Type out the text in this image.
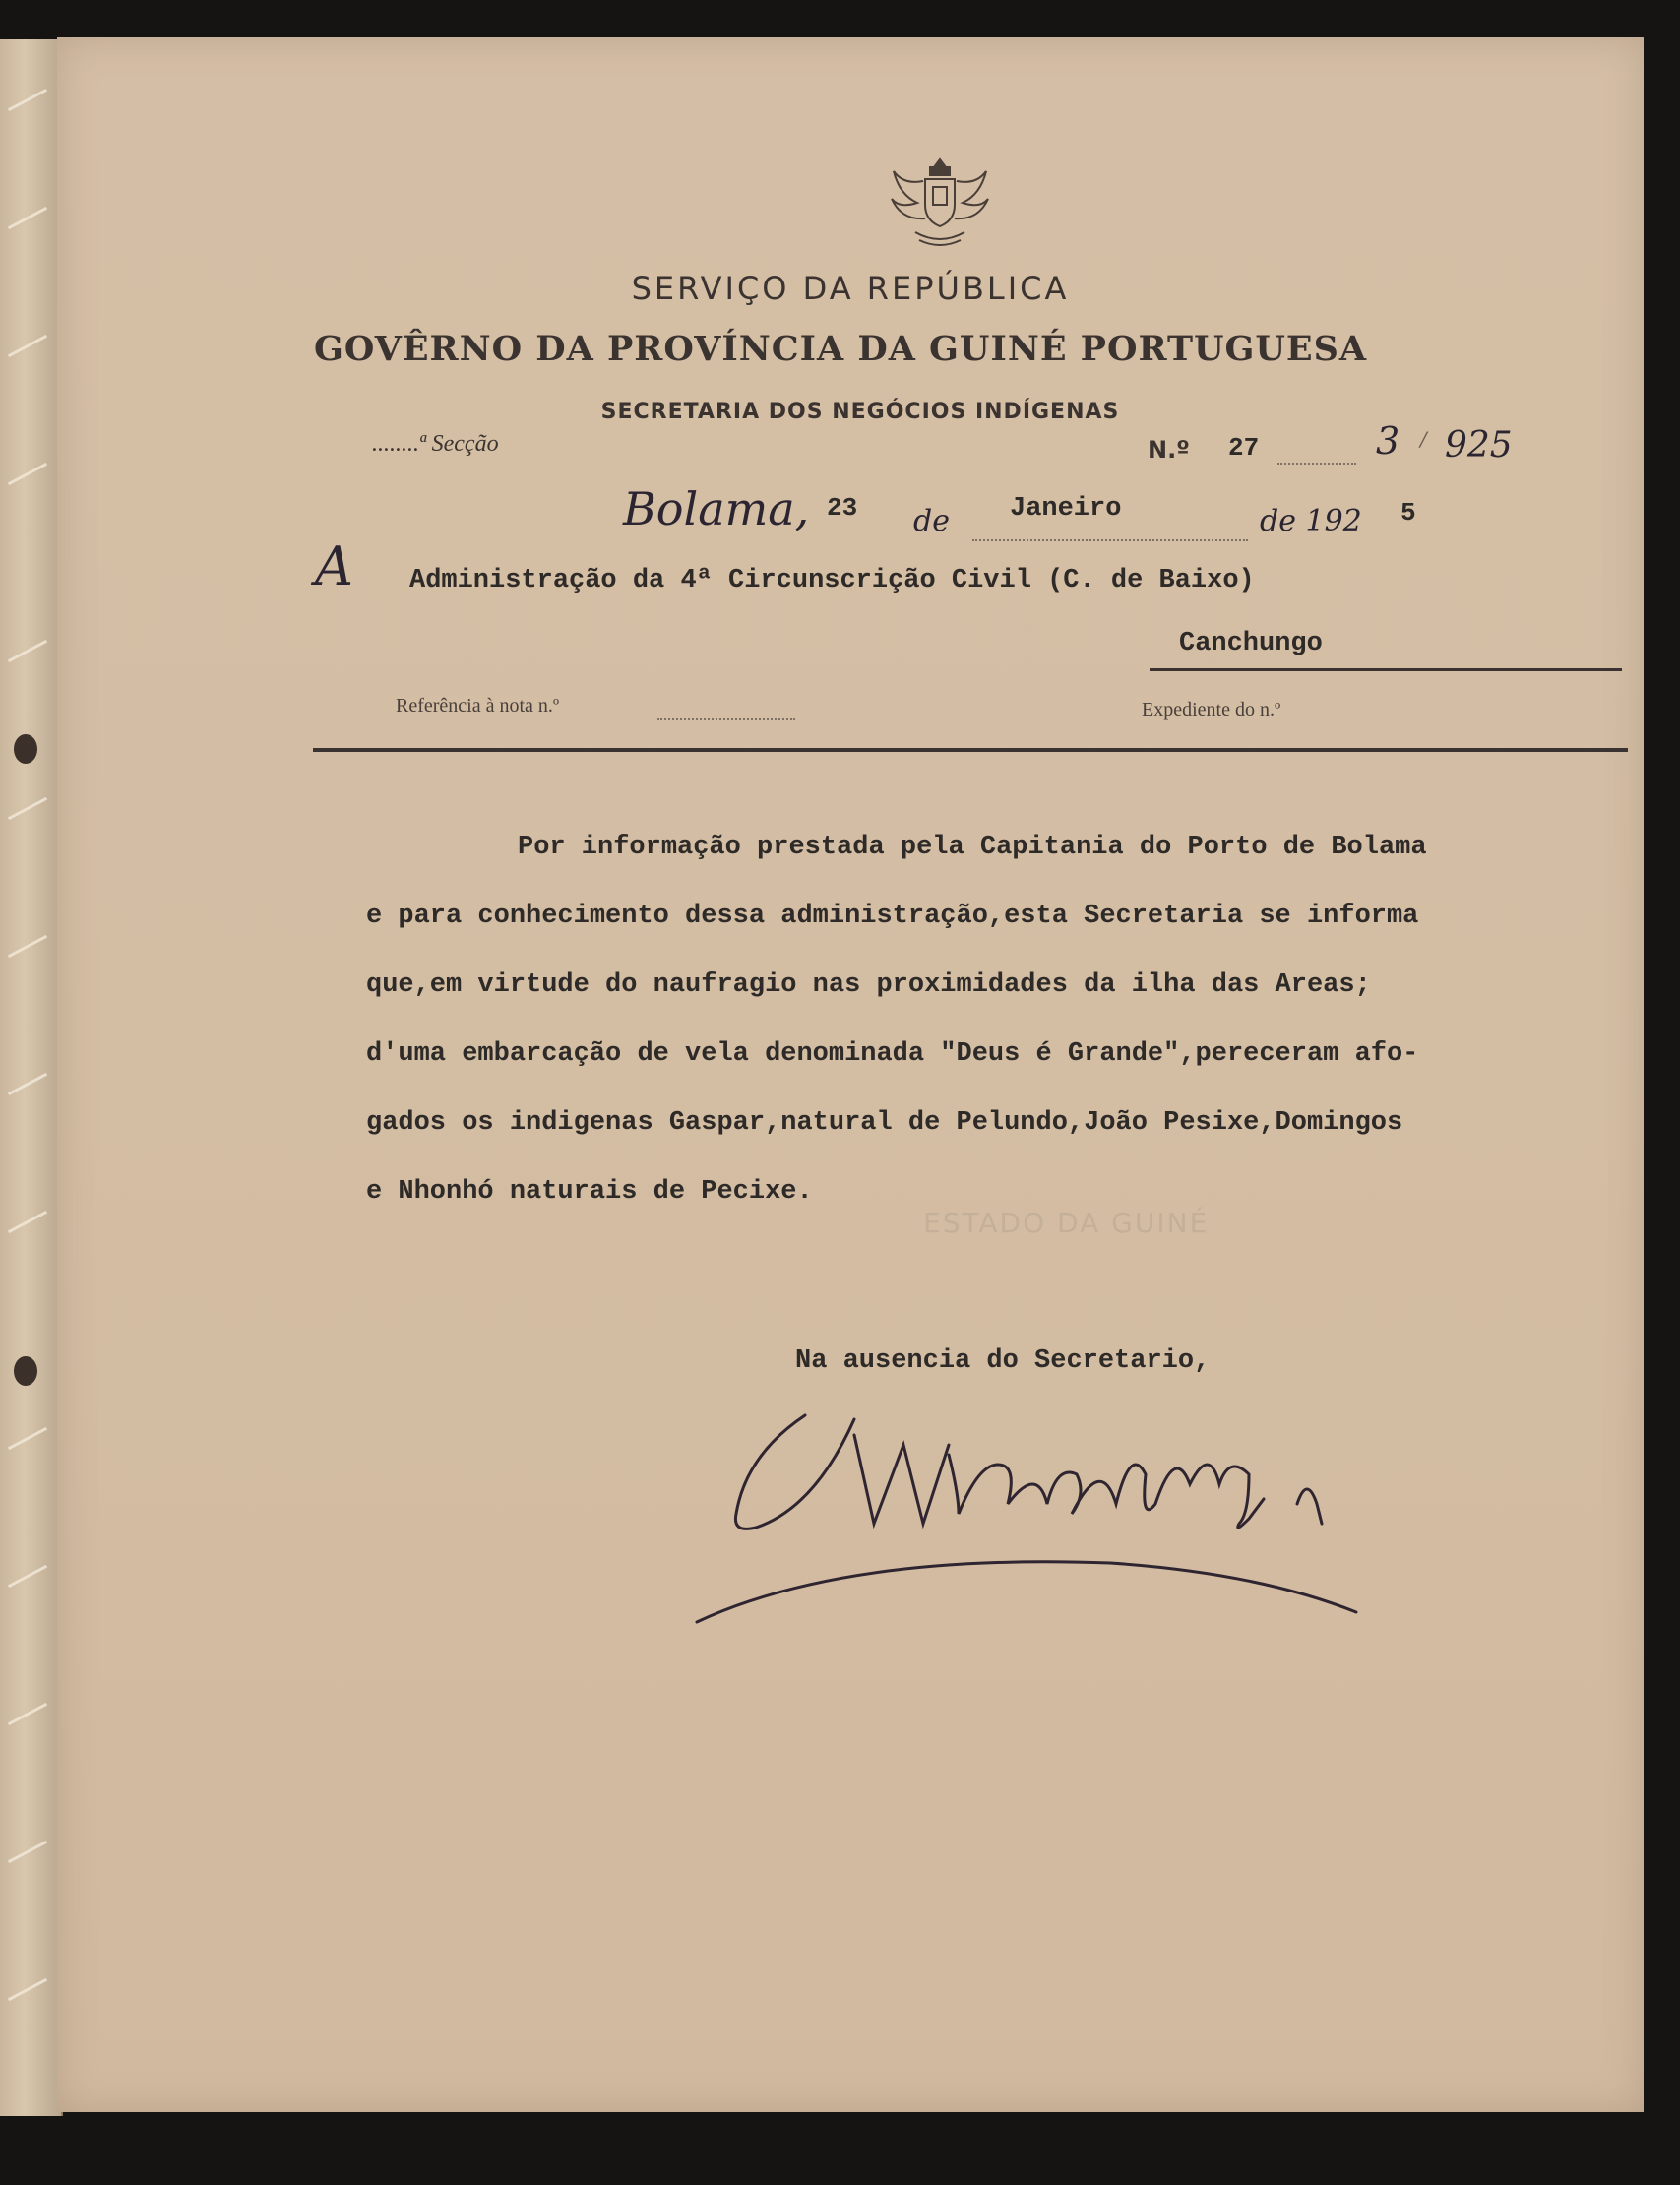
SERVIÇO DA REPÚBLICA
GOVÊRNO DA PROVÍNCIA DA GUINÉ PORTUGUESA
SECRETARIA DOS NEGÓCIOS INDÍGENAS
........ª Secção	N.º 27	3 / 925
Bolama, 23 de Janeiro	de 192 5
A Administração da 4ª Circunscrição Civil (C. de Baixo)
Canchungo
Referência à nota n.º	Expediente do n.º
ESTADO DA GUINÉ
Por informação prestada pela Capitania do Porto de Bolama
e para conhecimento dessa administração,esta Secretaria se informa
que,em virtude do naufragio nas proximidades da ilha das Areas;
d'uma embarcação de vela denominada "Deus é Grande",pereceram afo-
gados os indigenas Gaspar,natural de Pelundo,João Pesixe,Domingos
e Nhonhó naturais de Pecixe.
Na ausencia do Secretario,
